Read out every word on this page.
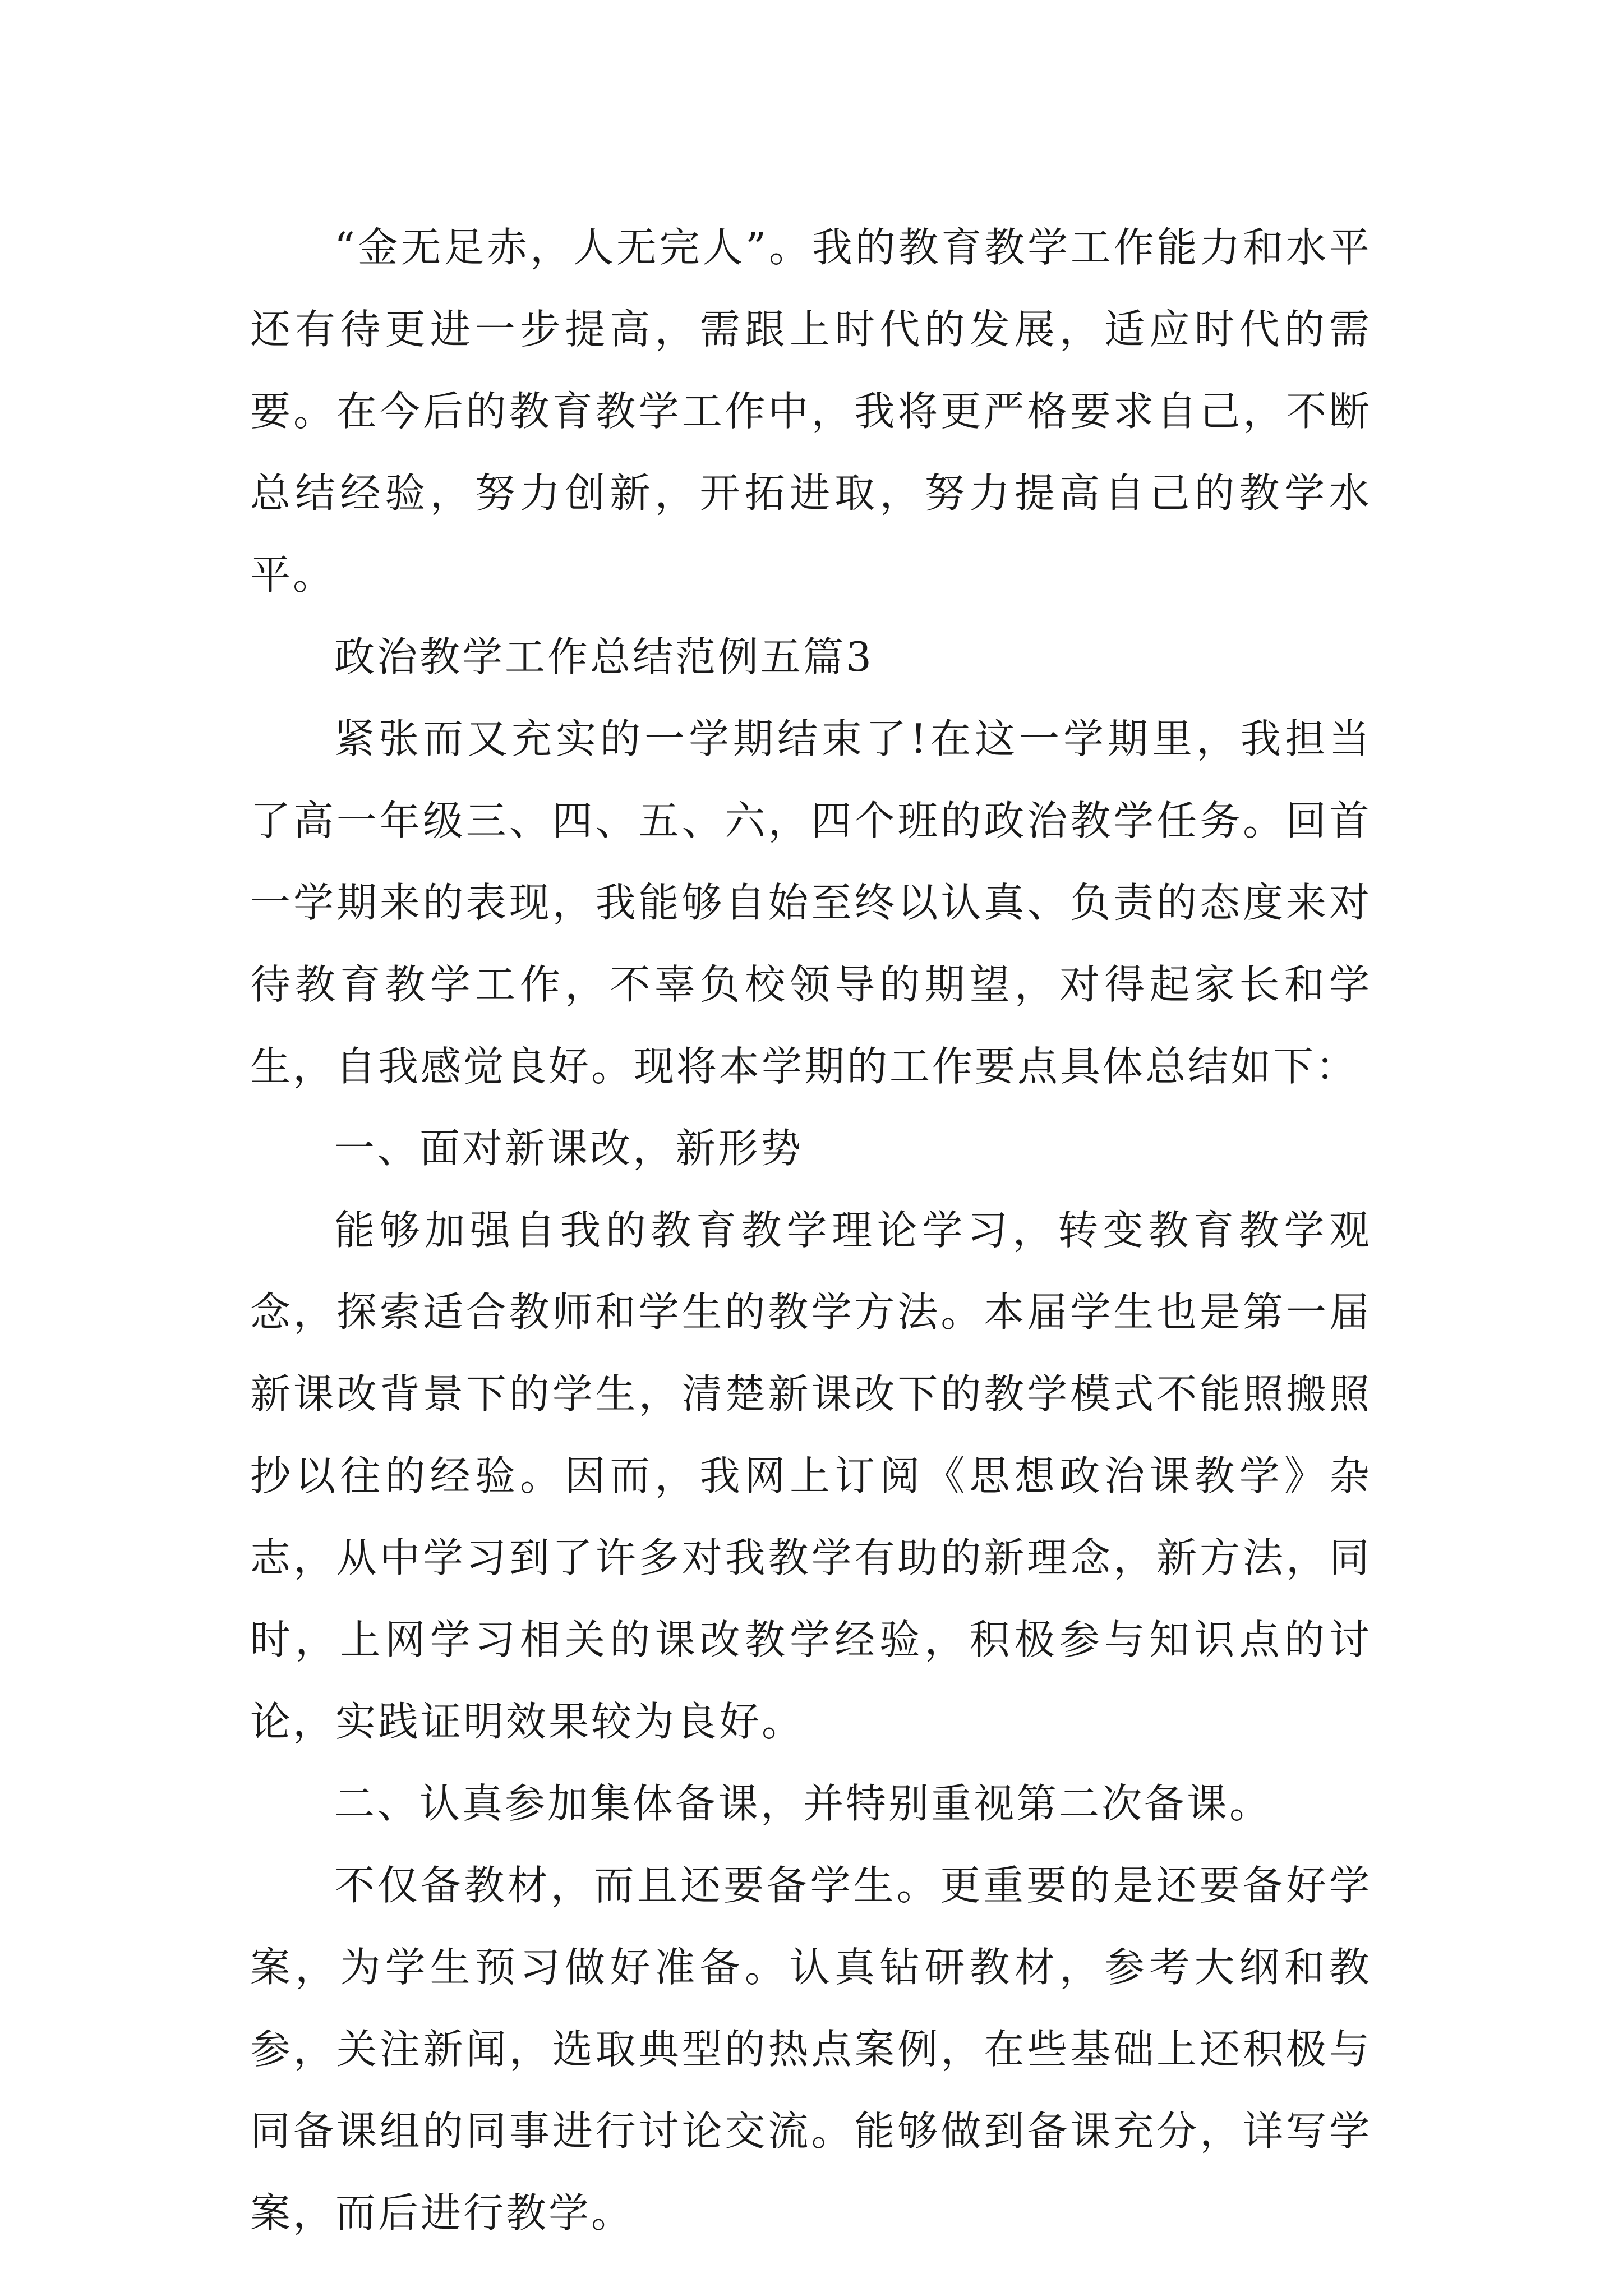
“金无足赤，人无完人”。我的教育教学工作能力和水平还有待更进一步提高，需跟上时代的发展，适应时代的需要。在今后的教育教学工作中，我将更严格要求自己，不断总结经验，努力创新，开拓进取，努力提高自己的教学水平。

政治教学工作总结范例五篇3

紧张而又充实的一学期结束了!在这一学期里，我担当了高一年级三、四、五、六，四个班的政治教学任务。回首一学期来的表现，我能够自始至终以认真、负责的态度来对待教育教学工作，不辜负校领导的期望，对得起家长和学生，自我感觉良好。现将本学期的工作要点具体总结如下：

一、面对新课改，新形势

能够加强自我的教育教学理论学习，转变教育教学观念，探索适合教师和学生的教学方法。本届学生也是第一届新课改背景下的学生，清楚新课改下的教学模式不能照搬照抄以往的经验。因而，我网上订阅《思想政治课教学》杂志，从中学习到了许多对我教学有助的新理念，新方法，同时，上网学习相关的课改教学经验，积极参与知识点的讨论，实践证明效果较为良好。

二、认真参加集体备课，并特别重视第二次备课。

不仅备教材，而且还要备学生。更重要的是还要备好学案，为学生预习做好准备。认真钻研教材，参考大纲和教参，关注新闻，选取典型的热点案例，在些基础上还积极与同备课组的同事进行讨论交流。能够做到备课充分，详写学案，而后进行教学。
